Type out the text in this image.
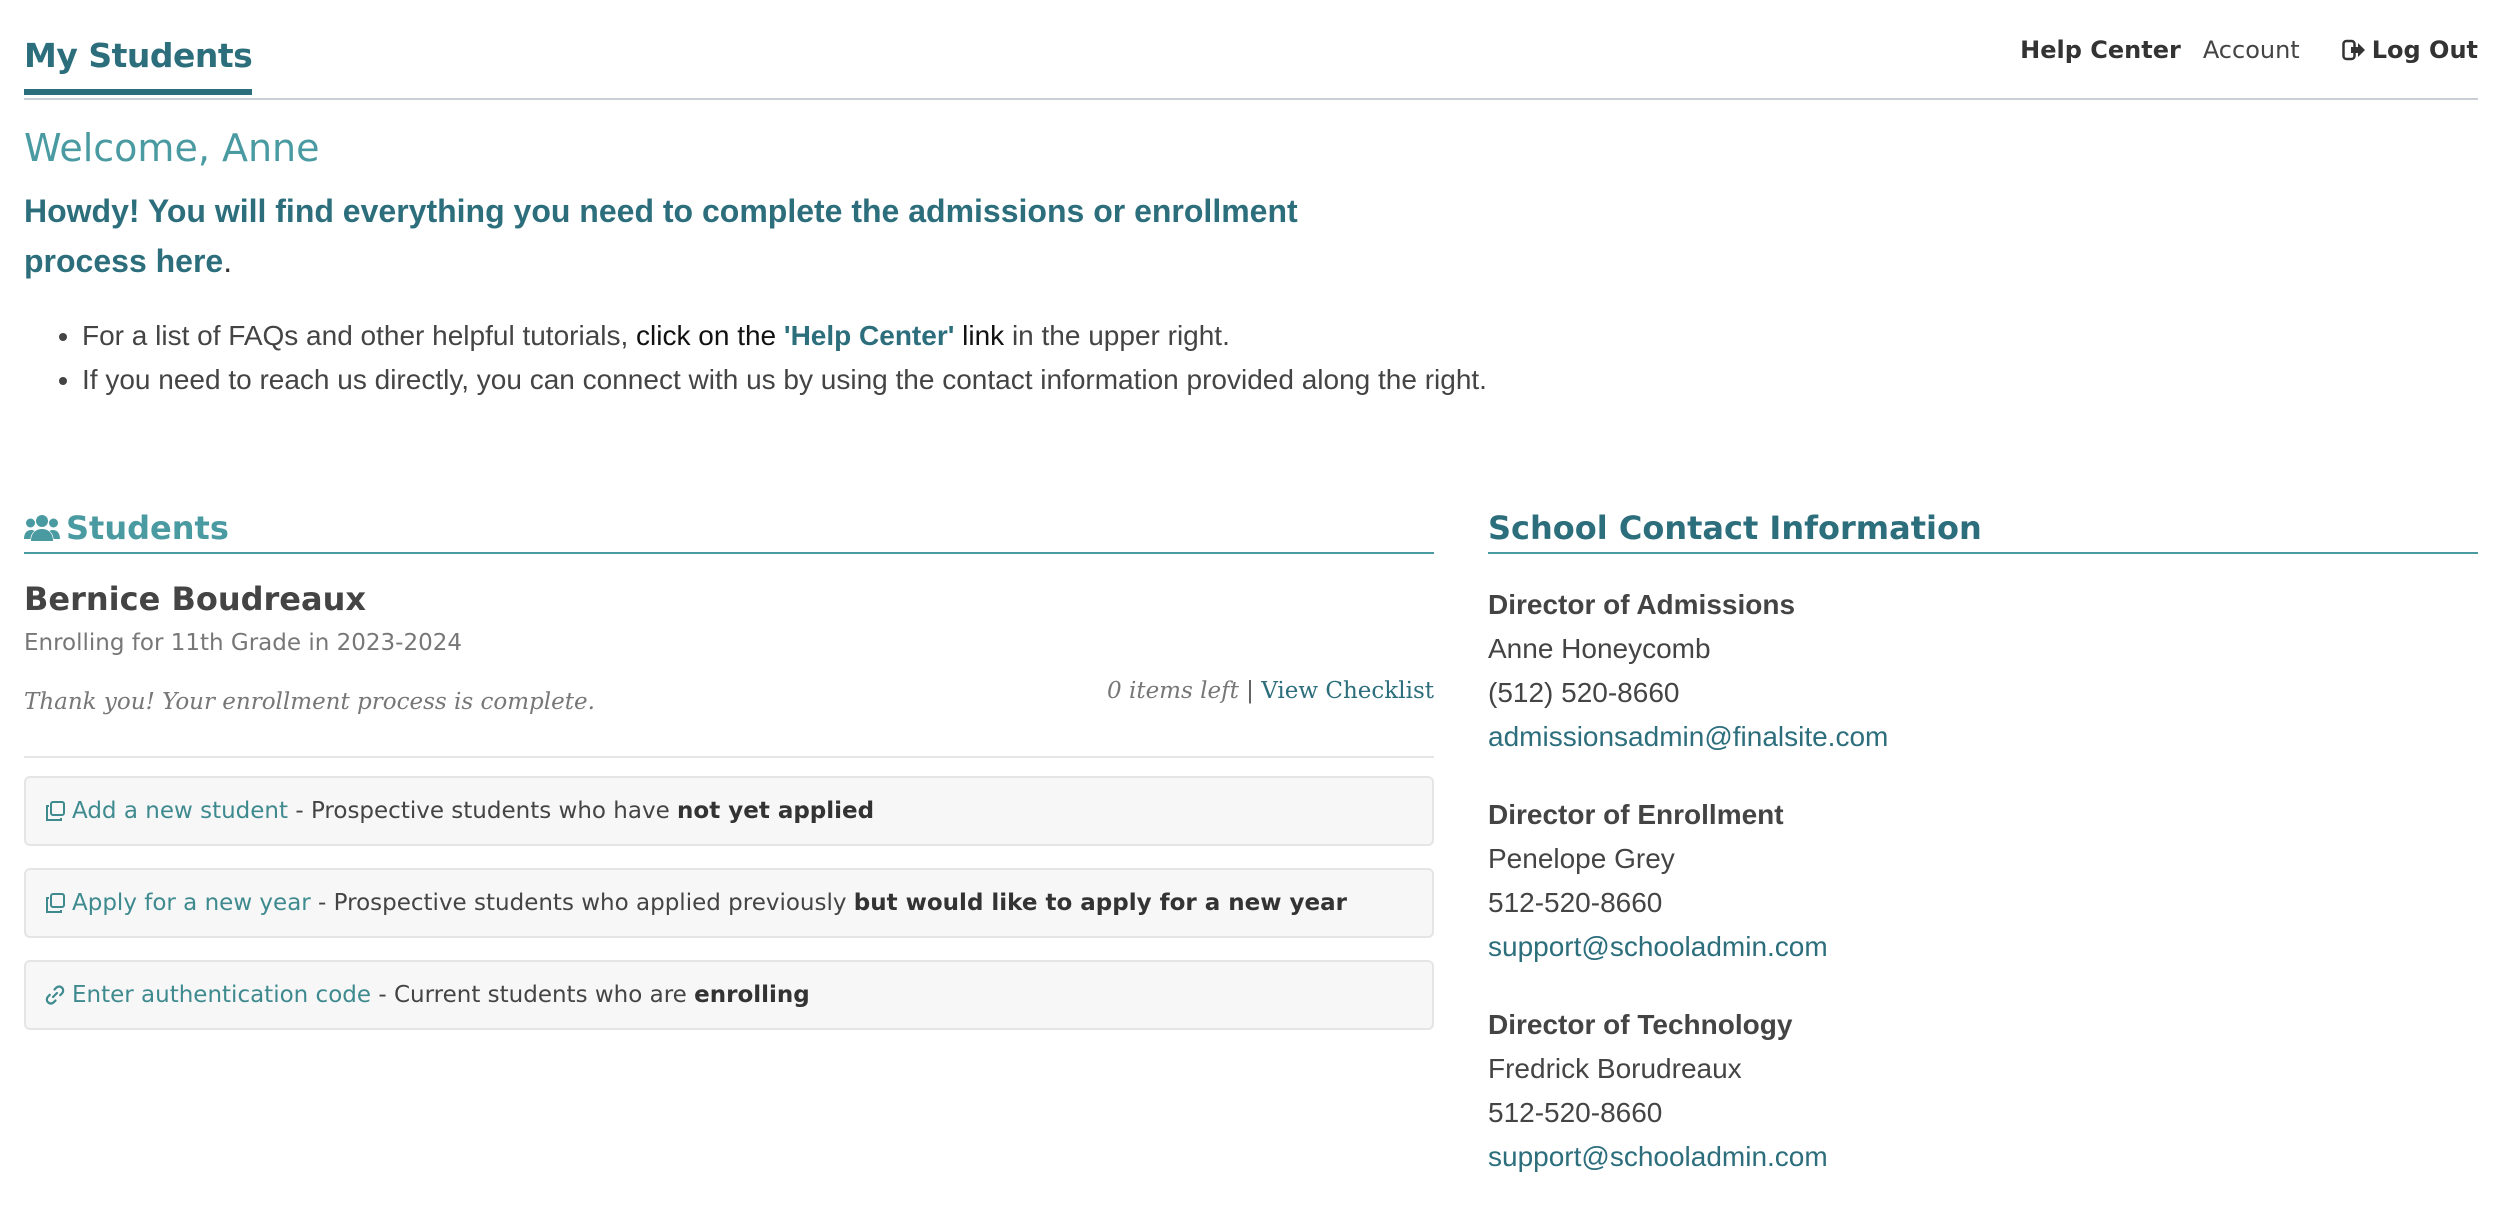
My Students	Help Center Account	Log Out
Welcome, Anne
Howdy! You will find everything you need to complete the admissions or enrollment process here.
• For a list of FAQs and other helpful tutorials, click on the 'Help Center' link in the upper right.
• If you need to reach us directly, you can connect with us by using the contact information provided along the right.
Students
Bernice Boudreaux
Enrolling for 11th Grade in 2023-2024
Thank you! Your enrollment process is complete.	0 items left | View Checklist
Add a new student - Prospective students who have not yet applied
Apply for a new year - Prospective students who applied previously but would like to apply for a new year
Enter authentication code - Current students who are enrolling
School Contact Information
Director of Admissions
Anne Honeycomb
(512) 520-8660
admissionsadmin@finalsite.com
Director of Enrollment
Penelope Grey
512-520-8660
support@schooladmin.com
Director of Technology
Fredrick Borudreaux
512-520-8660
support@schooladmin.com
